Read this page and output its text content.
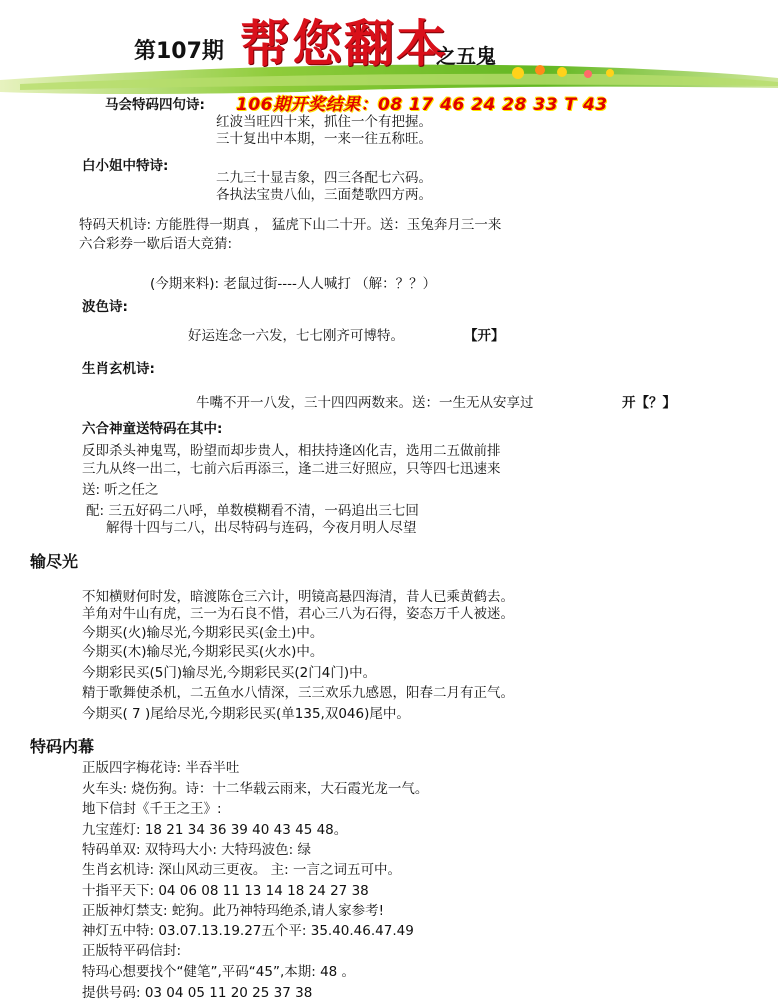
第107期 帮您翻本
之五鬼
马会特码四句诗: 106期开奖结果：08 17 46 24 28 33 T 43
红波当旺四十来，抓住一个有把握。
三十复出中本期，一来一往五称旺。
白小姐中特诗:
二九三十显吉象，四三各配七六码。
各执法宝贵八仙，三面楚歌四方两。
特码天机诗: 方能胜得一期真 ， 猛虎下山二十开。送：玉兔奔月三一来
六合彩券一歇后语大竞猜:
(今期来料): 老鼠过街----人人喊打 （解：？？）
波色诗:
好运连念一六发，七七刚齐可博特。	【开】
生肖玄机诗:
牛嘴不开一八发，三十四四两数来。送：一生无从安享过	开【？】
六合神童送特码在其中:
反即杀头神鬼骂，盼望而却步贵人，相扶持逢凶化吉，选用二五做前排
三九从终一出二，七前六后再添三，逢二进三好照应，只等四七迅速来
送: 听之任之
配: 三五好码二八呼，单数模糊看不清，一码追出三七回
解得十四与二八，出尽特码与连码，今夜月明人尽望
输尽光
不知横财何时发，暗渡陈仓三六计，明镜高悬四海清，昔人已乘黄鹤去。
羊角对牛山有虎，三一为石良不惜，君心三八为石得，姿态万千人被迷。
今期买(火)输尽光,今期彩民买(金土)中。
今期买(木)输尽光,今期彩民买(火水)中。
今期彩民买(5门)输尽光,今期彩民买(2门4门)中。
精于歌舞使杀机，二五鱼水八情深，三三欢乐九感恩，阳春二月有正气。
今期买( 7 )尾给尽光,今期彩民买(单135,双046)尾中。
特码内幕
正版四字梅花诗: 半吞半吐
火车头: 烧伤狗。诗：十二华载云雨来，大石霞光龙一气。
地下信封《千王之王》:
九宝莲灯: 18 21 34 36 39 40 43 45 48。
特码单双: 双特玛大小: 大特玛波色: 绿
生肖玄机诗: 深山风动三更夜。 主: 一言之词五可中。
十指平天下: 04 06 08 11 13 14 18 24 27 38
正版神灯禁支: 蛇狗。此乃神特玛绝杀,请人家参考!
神灯五中特: 03.07.13.19.27五个平: 35.40.46.47.49
正版特平码信封:
特玛心想要找个“健笔”,平码“45”,本期: 48 。
提供号码: 03 04 05 11 20 25 37 38
